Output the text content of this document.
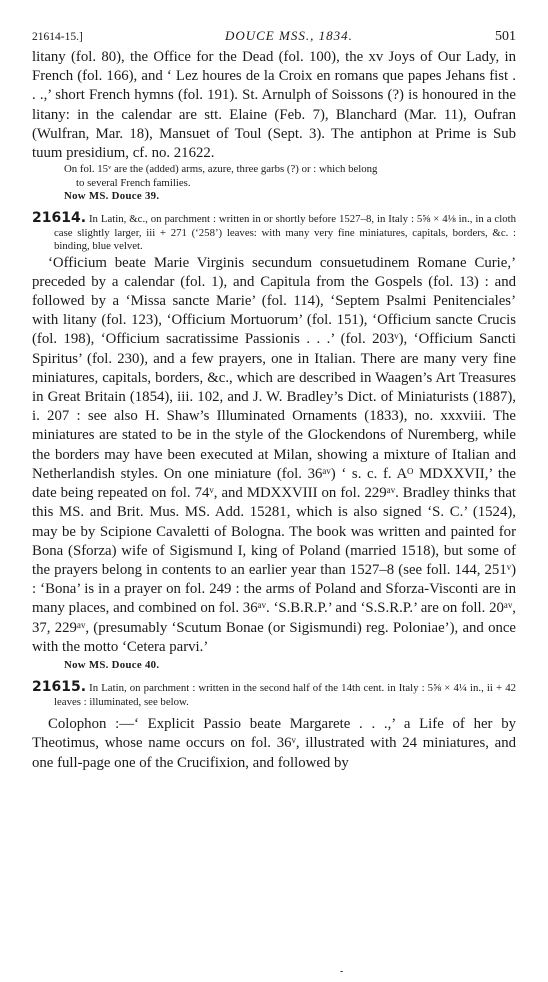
21614-15.]	DOUCE MSS., 1834.	501

litany (fol. 80), the Office for the Dead (fol. 100), the xv Joys of Our Lady, in French (fol. 166), and ‘ Lez houres de la Croix en romans que papes Jehans fist . . .,’ short French hymns (fol. 191). St. Arnulph of Soissons (?) is honoured in the litany: in the calendar are stt. Elaine (Feb. 7), Blanchard (Mar. 11), Oufran (Wulfran, Mar. 18), Mansuet of Toul (Sept. 3). The antiphon at Prime is Sub tuum presidium, cf. no. 21622.

On fol. 15ᵛ are the (added) arms, azure, three garbs (?) or : which belong
to several French families.

Now MS. Douce 39.

21614. In Latin, &c., on parchment : written in or shortly before 1527–8, in Italy : 5⅝ × 4⅛ in., in a cloth case slightly larger, iii + 271 (‘258’) leaves: with many very fine miniatures, capitals, borders, &c. : binding, blue velvet.

‘Officium beate Marie Virginis secundum consuetudinem Romane Curie,’ preceded by a calendar (fol. 1), and Capitula from the Gospels (fol. 13) : and followed by a ‘Missa sancte Marie’ (fol. 114), ‘Septem Psalmi Penitenciales’ with litany (fol. 123), ‘Officium Mortuorum’ (fol. 151), ‘Officium sancte Crucis (fol. 198), ‘Officium sacratissime Passionis . . .’ (fol. 203ᵛ), ‘Officium Sancti Spiritus’ (fol. 230), and a few prayers, one in Italian. There are many very fine miniatures, capitals, borders, &c., which are described in Waagen’s Art Treasures in Great Britain (1854), iii. 102, and J. W. Bradley’s Dict. of Miniaturists (1887), i. 207 : see also H. Shaw’s Illuminated Ornaments (1833), no. xxxviii. The miniatures are stated to be in the style of the Glockendons of Nuremberg, while the borders may have been executed at Milan, showing a mixture of Italian and Netherlandish styles. On one miniature (fol. 36ᵃᵛ) ‘ s. c. f. Aᴼ MDXXVII,’ the date being repeated on fol. 74ᵛ, and MDXXVIII on fol. 229ᵃᵛ. Bradley thinks that this MS. and Brit. Mus. MS. Add. 15281, which is also signed ‘S. C.’ (1524), may be by Scipione Cavaletti of Bologna. The book was written and painted for Bona (Sforza) wife of Sigismund I, king of Poland (married 1518), but some of the prayers belong in contents to an earlier year than 1527–8 (see foll. 144, 251ᵛ) : ‘Bona’ is in a prayer on fol. 249 : the arms of Poland and Sforza-Visconti are in many places, and combined on fol. 36ᵃᵛ. ‘S.B.R.P.’ and ‘S.S.R.P.’ are on foll. 20ᵃᵛ, 37, 229ᵃᵛ, (presumably ‘Scutum Bonae (or Sigismundi) reg. Poloniae’), and once with the motto ‘Cetera parvi.’

Now MS. Douce 40.

21615. In Latin, on parchment : written in the second half of the 14th cent. in Italy : 5⅝ × 4¼ in., ii + 42 leaves : illuminated, see below.

Colophon :—‘ Explicit Passio beate Margarete . . .,’ a Life of her by Theotimus, whose name occurs on fol. 36ᵛ, illustrated with 24 miniatures, and one full-page one of the Crucifixion, and followed by

-
